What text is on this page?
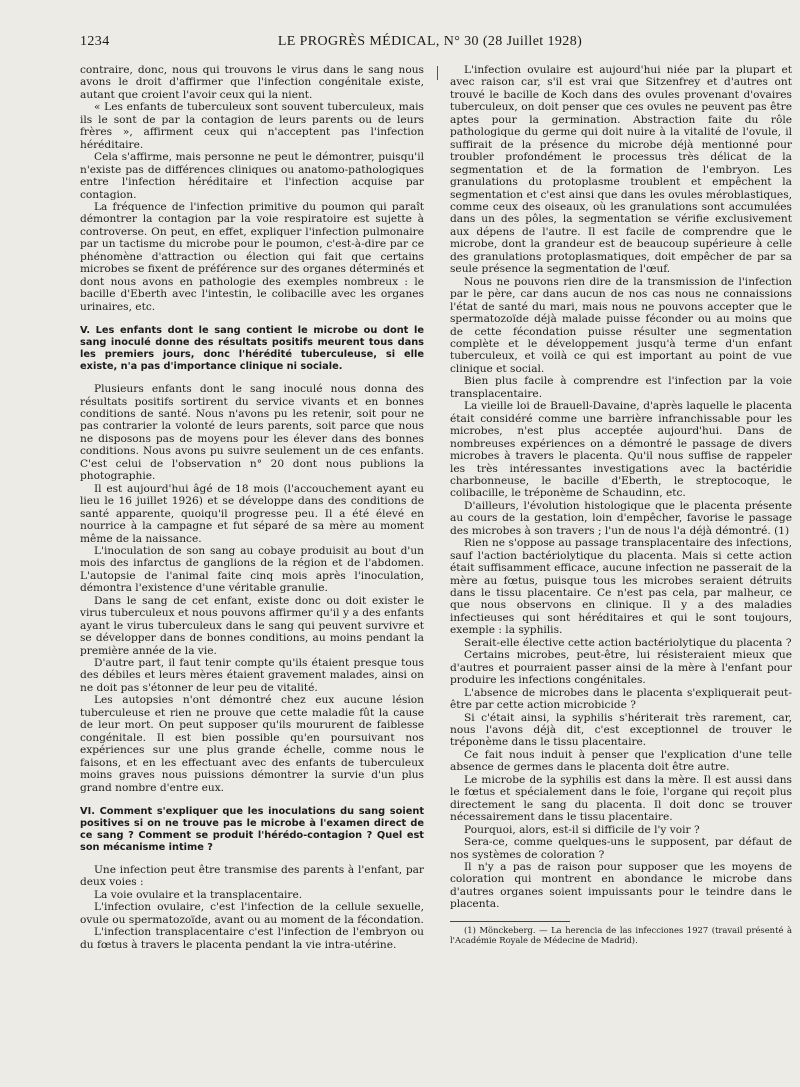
1234	LE PROGRÈS MÉDICAL, N° 30 (28 Juillet 1928)

contraire, donc, nous qui trouvons le virus dans le sang nous avons le droit d'affirmer que l'infection congénitale existe, autant que croient l'avoir ceux qui la nient.

« Les enfants de tuberculeux sont souvent tuberculeux, mais ils le sont de par la contagion de leurs parents ou de leurs frères », affirment ceux qui n'acceptent pas l'infection héréditaire.

Cela s'affirme, mais personne ne peut le démontrer, puisqu'il n'existe pas de différences cliniques ou anatomo-pathologiques entre l'infection héréditaire et l'infection acquise par contagion.

La fréquence de l'infection primitive du poumon qui paraît démontrer la contagion par la voie respiratoire est sujette à controverse. On peut, en effet, expliquer l'infection pulmonaire par un tactisme du microbe pour le poumon, c'est-à-dire par ce phénomène d'attraction ou élection qui fait que certains microbes se fixent de préférence sur des organes déterminés et dont nous avons en pathologie des exemples nombreux : le bacille d'Eberth avec l'intestin, le colibacille avec les organes urinaires, etc.

V. Les enfants dont le sang contient le microbe ou dont le sang inoculé donne des résultats positifs meurent tous dans les premiers jours, donc l'hérédité tuberculeuse, si elle existe, n'a pas d'importance clinique ni sociale.

Plusieurs enfants dont le sang inoculé nous donna des résultats positifs sortirent du service vivants et en bonnes conditions de santé. Nous n'avons pu les retenir, soit pour ne pas contrarier la volonté de leurs parents, soit parce que nous ne disposons pas de moyens pour les élever dans des bonnes conditions. Nous avons pu suivre seulement un de ces enfants. C'est celui de l'observation n° 20 dont nous publions la photographie.

Il est aujourd'hui âgé de 18 mois (l'accouchement ayant eu lieu le 16 juillet 1926) et se développe dans des conditions de santé apparente, quoiqu'il progresse peu. Il a été élevé en nourrice à la campagne et fut séparé de sa mère au moment même de la naissance.

L'inoculation de son sang au cobaye produisit au bout d'un mois des infarctus de ganglions de la région et de l'abdomen. L'autopsie de l'animal faite cinq mois après l'inoculation, démontra l'existence d'une véritable granulie.

Dans le sang de cet enfant, existe donc ou doit exister le virus tuberculeux et nous pouvons affirmer qu'il y a des enfants ayant le virus tuberculeux dans le sang qui peuvent survivre et se développer dans de bonnes conditions, au moins pendant la première année de la vie.

D'autre part, il faut tenir compte qu'ils étaient presque tous des débiles et leurs mères étaient gravement malades, ainsi on ne doit pas s'étonner de leur peu de vitalité.

Les autopsies n'ont démontré chez eux aucune lésion tuberculeuse et rien ne prouve que cette maladie fût la cause de leur mort. On peut supposer qu'ils moururent de faiblesse congénitale. Il est bien possible qu'en poursuivant nos expériences sur une plus grande échelle, comme nous le faisons, et en les effectuant avec des enfants de tuberculeux moins graves nous puissions démontrer la survie d'un plus grand nombre d'entre eux.

VI. Comment s'expliquer que les inoculations du sang soient positives si on ne trouve pas le microbe à l'examen direct de ce sang ? Comment se produit l'hérédo-contagion ? Quel est son mécanisme intime ?

Une infection peut être transmise des parents à l'enfant, par deux voies :

La voie ovulaire et la transplacentaire.

L'infection ovulaire, c'est l'infection de la cellule sexuelle, ovule ou spermatozoïde, avant ou au moment de la fécondation.

L'infection transplacentaire c'est l'infection de l'embryon ou du fœtus à travers le placenta pendant la vie intra-utérine.

L'infection ovulaire est aujourd'hui niée par la plupart et avec raison car, s'il est vrai que Sitzenfrey et d'autres ont trouvé le bacille de Koch dans des ovules provenant d'ovaires tuberculeux, on doit penser que ces ovules ne peuvent pas être aptes pour la germination. Abstraction faite du rôle pathologique du germe qui doit nuire à la vitalité de l'ovule, il suffirait de la présence du microbe déjà mentionné pour troubler profondément le processus très délicat de la segmentation et de la formation de l'embryon. Les granulations du protoplasme troublent et empêchent la segmentation et c'est ainsi que dans les ovules méroblastiques, comme ceux des oiseaux, où les granulations sont accumulées dans un des pôles, la segmentation se vérifie exclusivement aux dépens de l'autre. Il est facile de comprendre que le microbe, dont la grandeur est de beaucoup supérieure à celle des granulations protoplasmatiques, doit empêcher de par sa seule présence la segmentation de l'œuf.

Nous ne pouvons rien dire de la transmission de l'infection par le père, car dans aucun de nos cas nous ne connaissions l'état de santé du mari, mais nous ne pouvons accepter que le spermatozoïde déjà malade puisse féconder ou au moins que de cette fécondation puisse résulter une segmentation complète et le développement jusqu'à terme d'un enfant tuberculeux, et voilà ce qui est important au point de vue clinique et social.

Bien plus facile à comprendre est l'infection par la voie transplacentaire.

La vieille loi de Brauell-Davaine, d'après laquelle le placenta était considéré comme une barrière infranchissable pour les microbes, n'est plus acceptée aujourd'hui. Dans de nombreuses expériences on a démontré le passage de divers microbes à travers le placenta. Qu'il nous suffise de rappeler les très intéressantes investigations avec la bactéridie charbonneuse, le bacille d'Eberth, le streptocoque, le colibacille, le tréponème de Schaudinn, etc.

D'ailleurs, l'évolution histologique que le placenta présente au cours de la gestation, loin d'empêcher, favorise le passage des microbes à son travers ; l'un de nous l'a déjà démontré. (1)

Rien ne s'oppose au passage transplacentaire des infections, sauf l'action bactériolytique du placenta. Mais si cette action était suffisamment efficace, aucune infection ne passerait de la mère au fœtus, puisque tous les microbes seraient détruits dans le tissu placentaire. Ce n'est pas cela, par malheur, ce que nous observons en clinique. Il y a des maladies infectieuses qui sont héréditaires et qui le sont toujours, exemple : la syphilis.

Serait-elle élective cette action bactériolytique du placenta ?

Certains microbes, peut-être, lui résisteraient mieux que d'autres et pourraient passer ainsi de la mère à l'enfant pour produire les infections congénitales.

L'absence de microbes dans le placenta s'expliquerait peut-être par cette action microbicide ?

Si c'était ainsi, la syphilis s'hériterait très rarement, car, nous l'avons déjà dit, c'est exceptionnel de trouver le tréponème dans le tissu placentaire.

Ce fait nous induit à penser que l'explication d'une telle absence de germes dans le placenta doit être autre.

Le microbe de la syphilis est dans la mère. Il est aussi dans le fœtus et spécialement dans le foie, l'organe qui reçoit plus directement le sang du placenta. Il doit donc se trouver nécessairement dans le tissu placentaire.

Pourquoi, alors, est-il si difficile de l'y voir ?

Sera-ce, comme quelques-uns le supposent, par défaut de nos systèmes de coloration ?

Il n'y a pas de raison pour supposer que les moyens de coloration qui montrent en abondance le microbe dans d'autres organes soient impuissants pour le teindre dans le placenta.

(1) Mönckeberg. — La herencia de las infecciones 1927 (travail présenté à l'Académie Royale de Médecine de Madrid).
